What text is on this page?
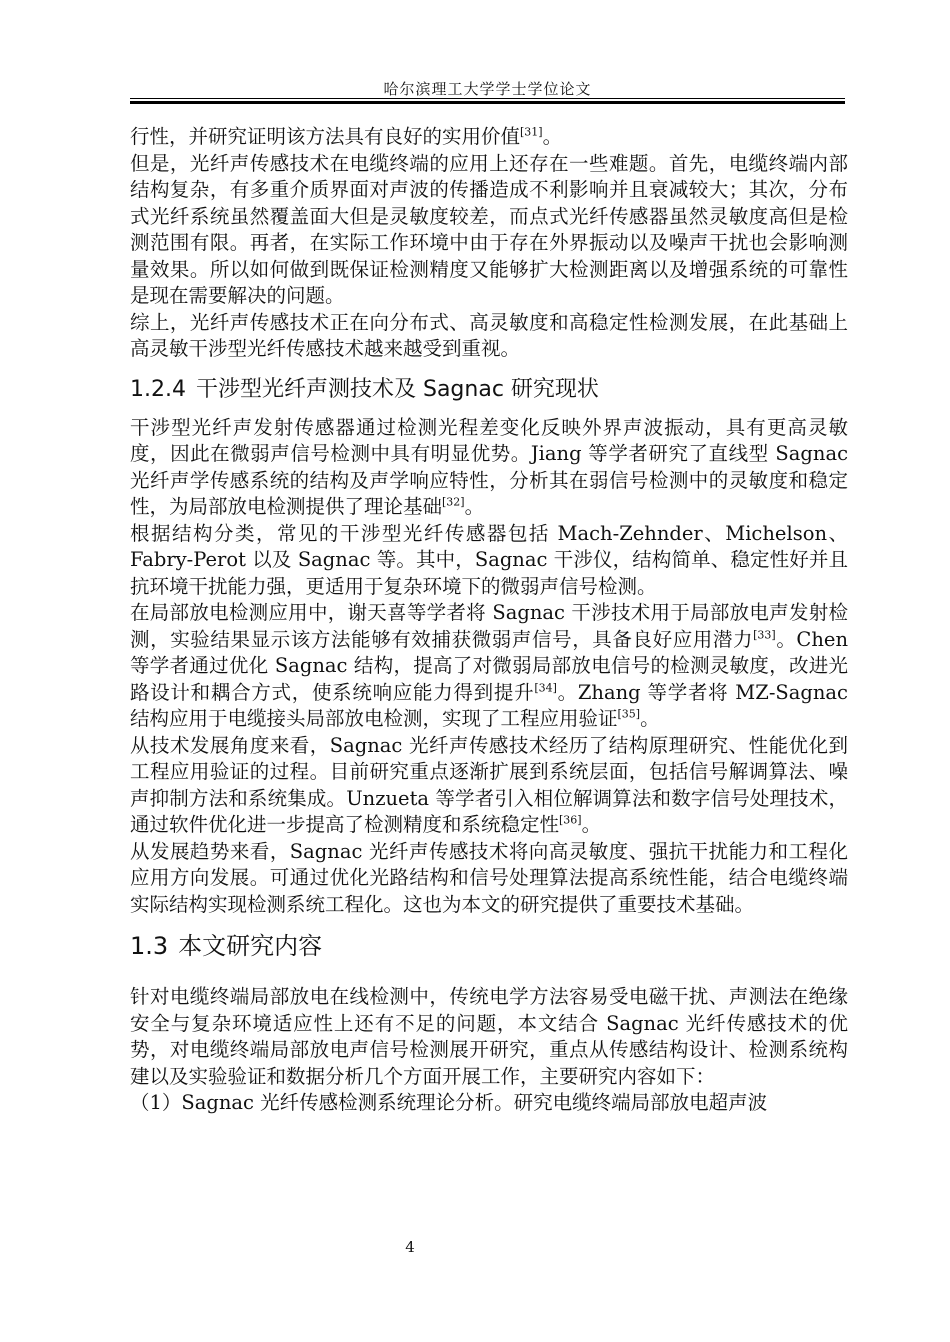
哈尔滨理工大学学士学位论文

行性，并研究证明该方法具有良好的实用价值[31]。

但是，光纤声传感技术在电缆终端的应用上还存在一些难题。首先，电缆终端内部结构复杂，有多重介质界面对声波的传播造成不利影响并且衰减较大；其次，分布式光纤系统虽然覆盖面大但是灵敏度较差，而点式光纤传感器虽然灵敏度高但是检测范围有限。再者，在实际工作环境中由于存在外界振动以及噪声干扰也会影响测量效果。所以如何做到既保证检测精度又能够扩大检测距离以及增强系统的可靠性是现在需要解决的问题。

综上，光纤声传感技术正在向分布式、高灵敏度和高稳定性检测发展，在此基础上高灵敏干涉型光纤传感技术越来越受到重视。

1.2.4 干涉型光纤声测技术及 Sagnac 研究现状

干涉型光纤声发射传感器通过检测光程差变化反映外界声波振动，具有更高灵敏度，因此在微弱声信号检测中具有明显优势。Jiang 等学者研究了直线型 Sagnac 光纤声学传感系统的结构及声学响应特性，分析其在弱信号检测中的灵敏度和稳定性，为局部放电检测提供了理论基础[32]。

根据结构分类，常见的干涉型光纤传感器包括 Mach-Zehnder、Michelson、Fabry-Perot 以及 Sagnac 等。其中，Sagnac 干涉仪，结构简单、稳定性好并且抗环境干扰能力强，更适用于复杂环境下的微弱声信号检测。

在局部放电检测应用中，谢天喜等学者将 Sagnac 干涉技术用于局部放电声发射检测，实验结果显示该方法能够有效捕获微弱声信号，具备良好应用潜力[33]。Chen 等学者通过优化 Sagnac 结构，提高了对微弱局部放电信号的检测灵敏度，改进光路设计和耦合方式，使系统响应能力得到提升[34]。Zhang 等学者将 MZ-Sagnac 结构应用于电缆接头局部放电检测，实现了工程应用验证[35]。

从技术发展角度来看，Sagnac 光纤声传感技术经历了结构原理研究、性能优化到工程应用验证的过程。目前研究重点逐渐扩展到系统层面，包括信号解调算法、噪声抑制方法和系统集成。Unzueta 等学者引入相位解调算法和数字信号处理技术，通过软件优化进一步提高了检测精度和系统稳定性[36]。

从发展趋势来看，Sagnac 光纤声传感技术将向高灵敏度、强抗干扰能力和工程化应用方向发展。可通过优化光路结构和信号处理算法提高系统性能，结合电缆终端实际结构实现检测系统工程化。这也为本文的研究提供了重要技术基础。

1.3 本文研究内容

针对电缆终端局部放电在线检测中，传统电学方法容易受电磁干扰、声测法在绝缘安全与复杂环境适应性上还有不足的问题，本文结合 Sagnac 光纤传感技术的优势，对电缆终端局部放电声信号检测展开研究，重点从传感结构设计、检测系统构建以及实验验证和数据分析几个方面开展工作，主要研究内容如下：

（1）Sagnac 光纤传感检测系统理论分析。研究电缆终端局部放电超声波

4
